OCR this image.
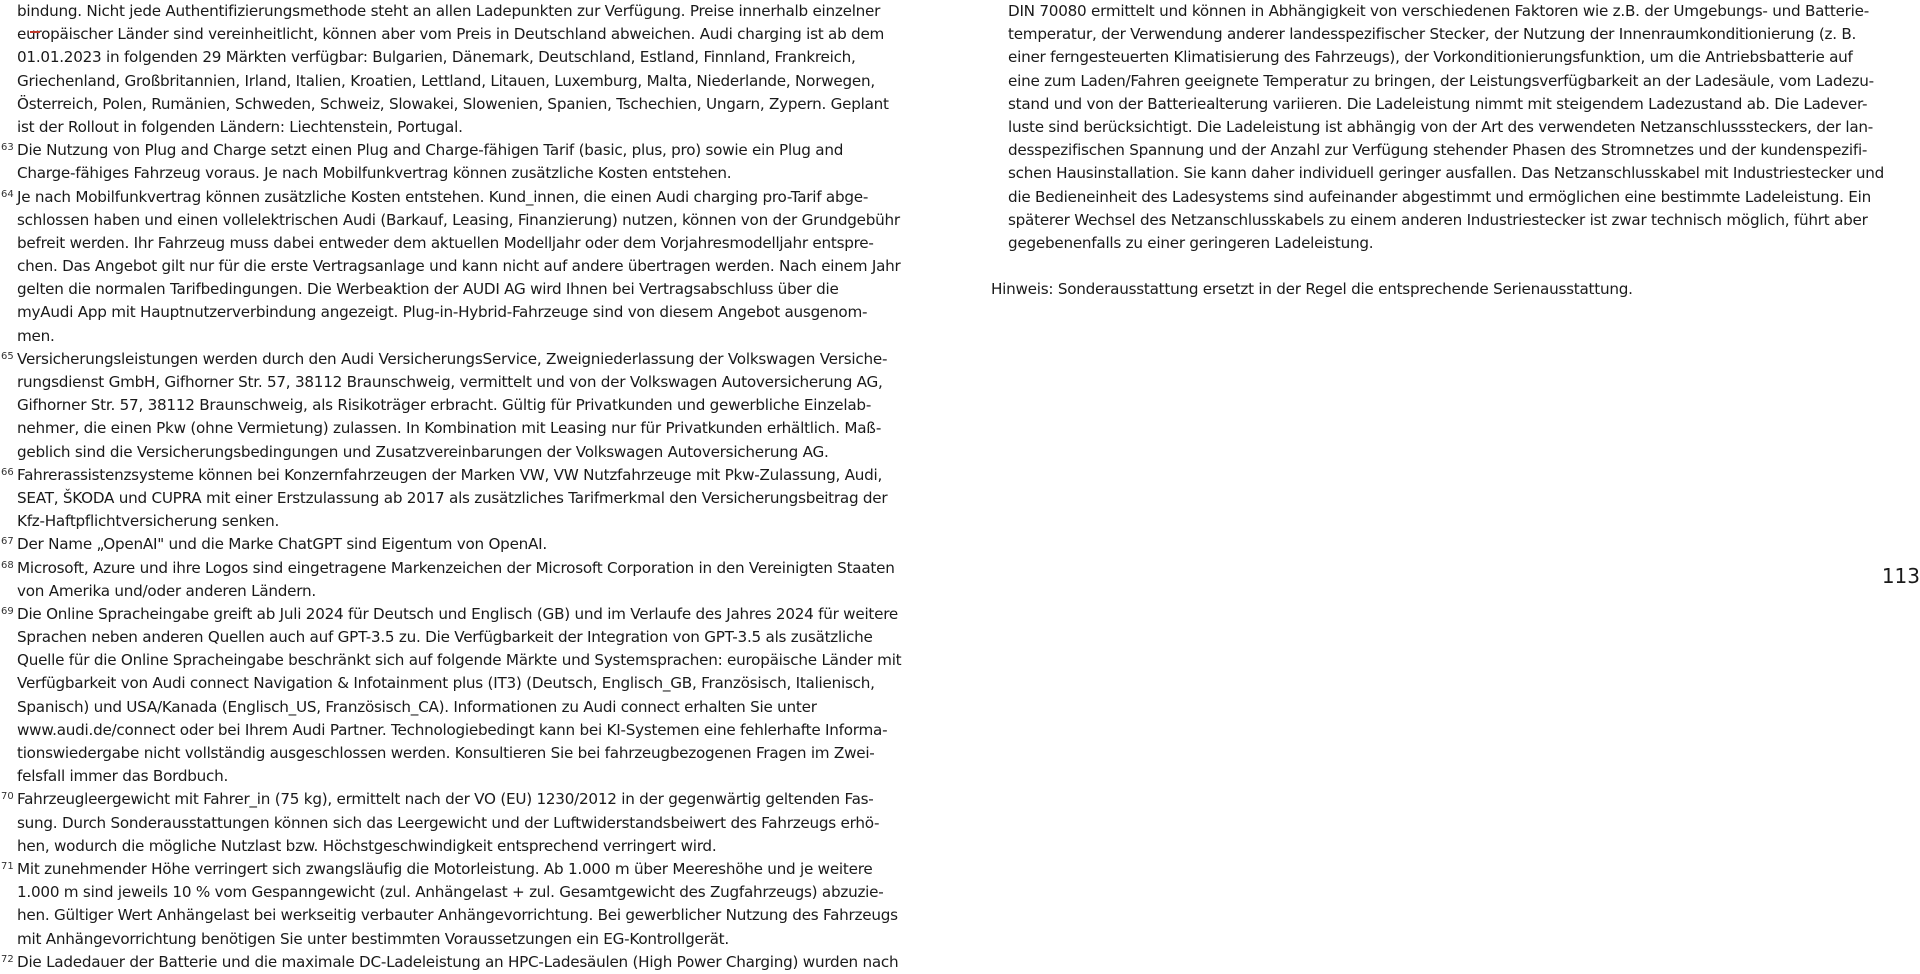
bindung. Nicht jede Authentifizierungsmethode steht an allen Ladepunkten zur Verfügung. Preise innerhalb einzelner
europäischer Länder sind vereinheitlicht, können aber vom Preis in Deutschland abweichen. Audi charging ist ab dem
01.01.2023 in folgenden 29 Märkten verfügbar: Bulgarien, Dänemark, Deutschland, Estland, Finnland, Frankreich,
Griechenland, Großbritannien, Irland, Italien, Kroatien, Lettland, Litauen, Luxemburg, Malta, Niederlande, Norwegen,
Österreich, Polen, Rumänien, Schweden, Schweiz, Slowakei, Slowenien, Spanien, Tschechien, Ungarn, Zypern. Geplant
ist der Rollout in folgenden Ländern: Liechtenstein, Portugal.
63 Die Nutzung von Plug and Charge setzt einen Plug and Charge-fähigen Tarif (basic, plus, pro) sowie ein Plug and
Charge-fähiges Fahrzeug voraus. Je nach Mobilfunkvertrag können zusätzliche Kosten entstehen.
64 Je nach Mobilfunkvertrag können zusätzliche Kosten entstehen. Kund_innen, die einen Audi charging pro-Tarif abge-
schlossen haben und einen vollelektrischen Audi (Barkauf, Leasing, Finanzierung) nutzen, können von der Grundgebühr
befreit werden. Ihr Fahrzeug muss dabei entweder dem aktuellen Modelljahr oder dem Vorjahresmodelljahr entspre-
chen. Das Angebot gilt nur für die erste Vertragsanlage und kann nicht auf andere übertragen werden. Nach einem Jahr
gelten die normalen Tarifbedingungen. Die Werbeaktion der AUDI AG wird Ihnen bei Vertragsabschluss über die
myAudi App mit Hauptnutzerverbindung angezeigt. Plug-in-Hybrid-Fahrzeuge sind von diesem Angebot ausgenom-
men.
65 Versicherungsleistungen werden durch den Audi VersicherungsService, Zweigniederlassung der Volkswagen Versiche-
rungsdienst GmbH, Gifhorner Str. 57, 38112 Braunschweig, vermittelt und von der Volkswagen Autoversicherung AG,
Gifhorner Str. 57, 38112 Braunschweig, als Risikoträger erbracht. Gültig für Privatkunden und gewerbliche Einzelab-
nehmer, die einen Pkw (ohne Vermietung) zulassen. In Kombination mit Leasing nur für Privatkunden erhältlich. Maß-
geblich sind die Versicherungsbedingungen und Zusatzvereinbarungen der Volkswagen Autoversicherung AG.
66 Fahrerassistenzsysteme können bei Konzernfahrzeugen der Marken VW, VW Nutzfahrzeuge mit Pkw-Zulassung, Audi,
SEAT, ŠKODA und CUPRA mit einer Erstzulassung ab 2017 als zusätzliches Tarifmerkmal den Versicherungsbeitrag der
Kfz-Haftpflichtversicherung senken.
67 Der Name „OpenAI" und die Marke ChatGPT sind Eigentum von OpenAI.
68 Microsoft, Azure und ihre Logos sind eingetragene Markenzeichen der Microsoft Corporation in den Vereinigten Staaten
von Amerika und/oder anderen Ländern.
69 Die Online Spracheingabe greift ab Juli 2024 für Deutsch und Englisch (GB) und im Verlaufe des Jahres 2024 für weitere
Sprachen neben anderen Quellen auch auf GPT-3.5 zu. Die Verfügbarkeit der Integration von GPT-3.5 als zusätzliche
Quelle für die Online Spracheingabe beschränkt sich auf folgende Märkte und Systemsprachen: europäische Länder mit
Verfügbarkeit von Audi connect Navigation & Infotainment plus (IT3) (Deutsch, Englisch_GB, Französisch, Italienisch,
Spanisch) und USA/Kanada (Englisch_US, Französisch_CA). Informationen zu Audi connect erhalten Sie unter
www.audi.de/connect oder bei Ihrem Audi Partner. Technologiebedingt kann bei KI-Systemen eine fehlerhafte Informa-
tionswiedergabe nicht vollständig ausgeschlossen werden. Konsultieren Sie bei fahrzeugbezogenen Fragen im Zwei-
felsfall immer das Bordbuch.
70 Fahrzeugleergewicht mit Fahrer_in (75 kg), ermittelt nach der VO (EU) 1230/2012 in der gegenwärtig geltenden Fas-
sung. Durch Sonderausstattungen können sich das Leergewicht und der Luftwiderstandsbeiwert des Fahrzeugs erhö-
hen, wodurch die mögliche Nutzlast bzw. Höchstgeschwindigkeit entsprechend verringert wird.
71 Mit zunehmender Höhe verringert sich zwangsläufig die Motorleistung. Ab 1.000 m über Meereshöhe und je weitere
1.000 m sind jeweils 10 % vom Gespanngewicht (zul. Anhängelast + zul. Gesamtgewicht des Zugfahrzeugs) abzuzie-
hen. Gültiger Wert Anhängelast bei werkseitig verbauter Anhängevorrichtung. Bei gewerblicher Nutzung des Fahrzeugs
mit Anhängevorrichtung benötigen Sie unter bestimmten Voraussetzungen ein EG-Kontrollgerät.
72 Die Ladedauer der Batterie und die maximale DC-Ladeleistung an HPC-Ladesäulen (High Power Charging) wurden nach
DIN 70080 ermittelt und können in Abhängigkeit von verschiedenen Faktoren wie z.B. der Umgebungs- und Batterie-
temperatur, der Verwendung anderer landesspezifischer Stecker, der Nutzung der Innenraumkonditionierung (z. B.
einer ferngesteuerten Klimatisierung des Fahrzeugs), der Vorkonditionierungsfunktion, um die Antriebsbatterie auf
eine zum Laden/Fahren geeignete Temperatur zu bringen, der Leistungsverfügbarkeit an der Ladesäule, vom Ladezu-
stand und von der Batteriealterung variieren. Die Ladeleistung nimmt mit steigendem Ladezustand ab. Die Ladever-
luste sind berücksichtigt. Die Ladeleistung ist abhängig von der Art des verwendeten Netzanschlusssteckers, der lan-
desspezifischen Spannung und der Anzahl zur Verfügung stehender Phasen des Stromnetzes und der kundenspezifi-
schen Hausinstallation. Sie kann daher individuell geringer ausfallen. Das Netzanschlusskabel mit Industriestecker und
die Bedieneinheit des Ladesystems sind aufeinander abgestimmt und ermöglichen eine bestimmte Ladeleistung. Ein
späterer Wechsel des Netzanschlusskabels zu einem anderen Industriestecker ist zwar technisch möglich, führt aber
gegebenenfalls zu einer geringeren Ladeleistung.
Hinweis: Sonderausstattung ersetzt in der Regel die entsprechende Serienausstattung.
113
